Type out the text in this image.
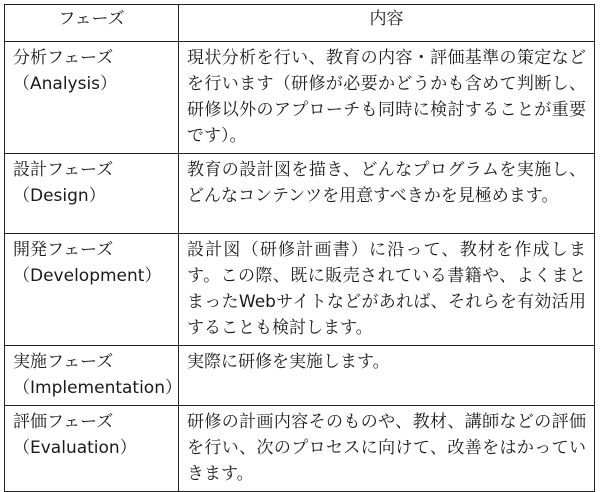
フェーズ	内容

分析フェーズ
（Analysis）	現状分析を行い、教育の内容・評価基準の策定などを行います（研修が必要かどうかも含めて判断し、研修以外のアプローチも同時に検討することが重要です）。

設計フェーズ
（Design）	教育の設計図を描き、どんなプログラムを実施し、どんなコンテンツを用意すべきかを見極めます。

開発フェーズ
（Development）	設計図（研修計画書）に沿って、教材を作成します。この際、既に販売されている書籍や、よくまとまったWebサイトなどがあれば、それらを有効活用することも検討します。

実施フェーズ
（Implementation）	実際に研修を実施します。

評価フェーズ
（Evaluation）	研修の計画内容そのものや、教材、講師などの評価を行い、次のプロセスに向けて、改善をはかっていきます。
